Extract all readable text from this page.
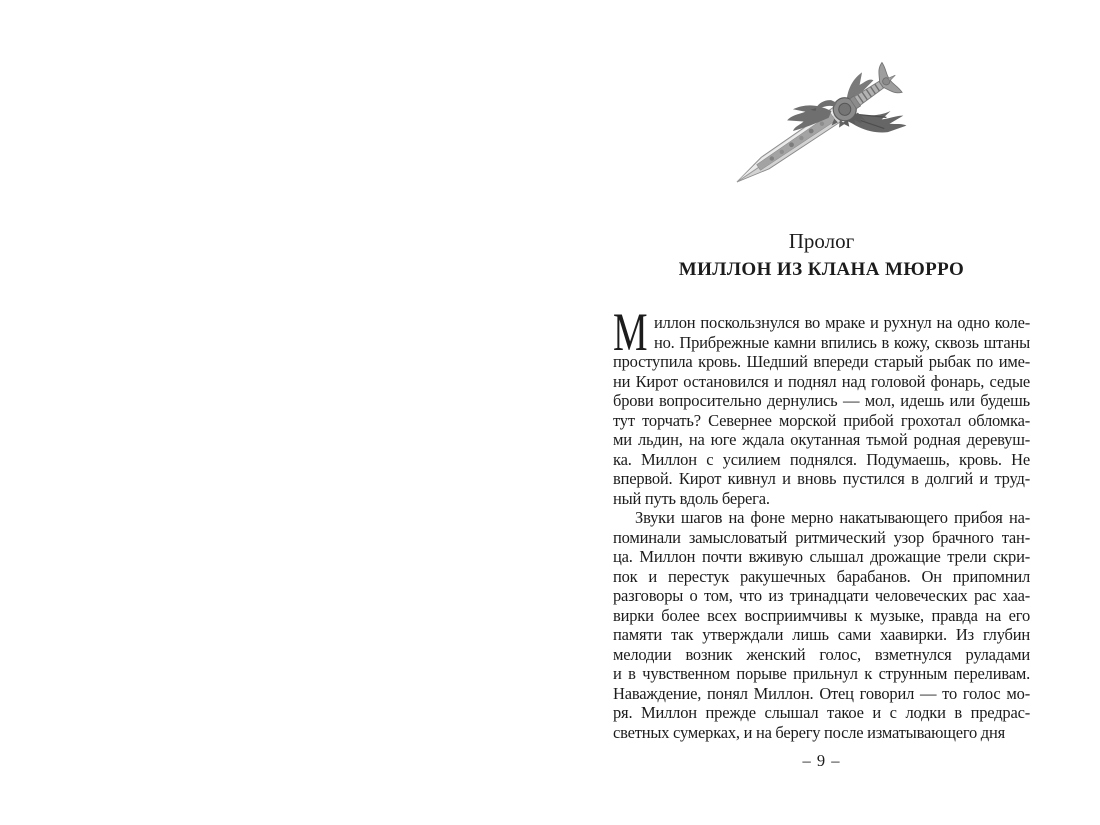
Пролог
МИЛЛОН ИЗ КЛАНА МЮРРО
М иллон поскользнулся во мраке и рухнул на одно коле-
но. Прибрежные камни впились в кожу, сквозь штаны
проступила кровь. Шедший впереди старый рыбак по име-
ни Кирот остановился и поднял над головой фонарь, седые
брови вопросительно дернулись — мол, идешь или будешь
тут торчать? Севернее морской прибой грохотал обломка-
ми льдин, на юге ждала окутанная тьмой родная деревуш-
ка. Миллон с усилием поднялся. Подумаешь, кровь. Не
впервой. Кирот кивнул и вновь пустился в долгий и труд-
ный путь вдоль берега.
Звуки шагов на фоне мерно накатывающего прибоя на-
поминали замысловатый ритмический узор брачного тан-
ца. Миллон почти вживую слышал дрожащие трели скри-
пок и перестук ракушечных барабанов. Он припомнил
разговоры о том, что из тринадцати человеческих рас хаа-
вирки более всех восприимчивы к музыке, правда на его
памяти так утверждали лишь сами хаавирки. Из глубин
мелодии возник женский голос, взметнулся руладами
и в чувственном порыве прильнул к струнным переливам.
Наваждение, понял Миллон. Отец говорил — то голос мо-
ря. Миллон прежде слышал такое и с лодки в предрас-
светных сумерках, и на берегу после изматывающего дня
– 9 –
